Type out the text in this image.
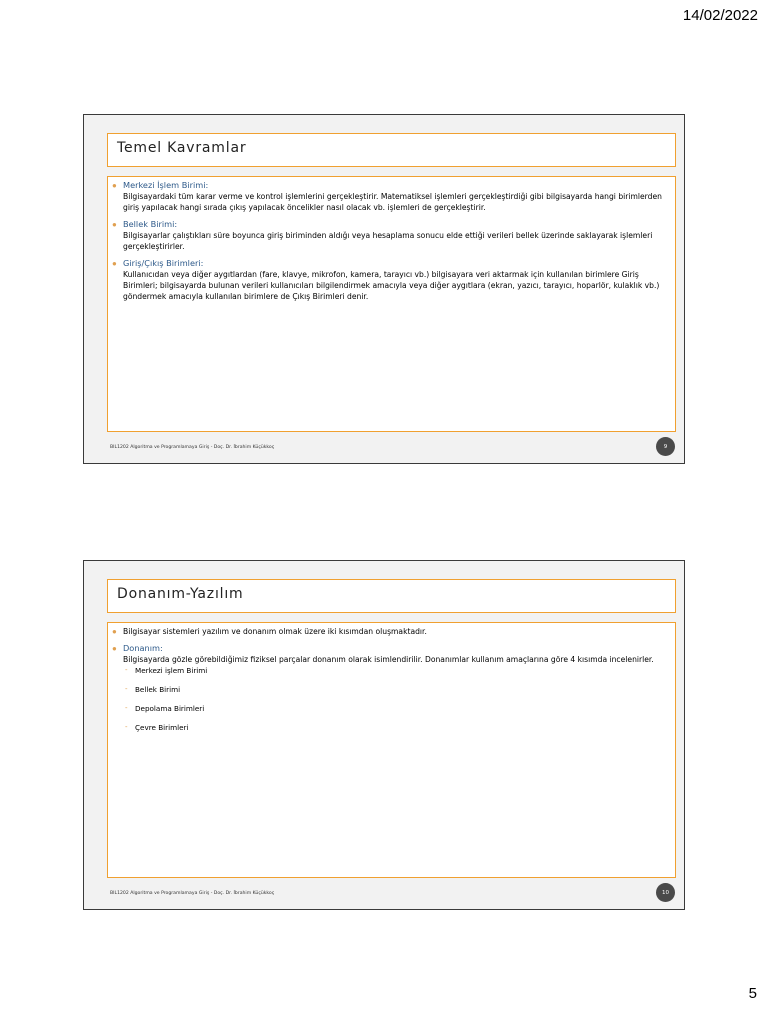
14/02/2022
Temel Kavramlar
● Merkezi İşlem Birimi:
Bilgisayardaki tüm karar verme ve kontrol işlemlerini gerçekleştirir. Matematiksel işlemleri gerçekleştirdiği gibi bilgisayarda hangi birimlerden giriş yapılacak hangi sırada çıkış yapılacak öncelikler nasıl olacak vb. işlemleri de gerçekleştirir.
● Bellek Birimi:
Bilgisayarlar çalıştıkları süre boyunca giriş biriminden aldığı veya hesaplama sonucu elde ettiği verileri bellek üzerinde saklayarak işlemleri gerçekleştirirler.
● Giriş/Çıkış Birimleri:
Kullanıcıdan veya diğer aygıtlardan (fare, klavye, mikrofon, kamera, tarayıcı vb.) bilgisayara veri aktarmak için kullanılan birimlere Giriş Birimleri; bilgisayarda bulunan verileri kullanıcıları bilgilendirmek amacıyla veya diğer aygıtlara (ekran, yazıcı, tarayıcı, hoparlör, kulaklık vb.) göndermek amacıyla kullanılan birimlere de Çıkış Birimleri denir.
BIL1202 Algoritma ve Programlamaya Giriş - Doç. Dr. İbrahim Küçükkoç	9
Donanım-Yazılım
● Bilgisayar sistemleri yazılım ve donanım olmak üzere iki kısımdan oluşmaktadır.
● Donanım:
Bilgisayarda gözle görebildiğimiz fiziksel parçalar donanım olarak isimlendirilir. Donanımlar kullanım amaçlarına göre 4 kısımda incelenirler.
- Merkezi işlem Birimi
- Bellek Birimi
- Depolama Birimleri
- Çevre Birimleri
BIL1202 Algoritma ve Programlamaya Giriş - Doç. Dr. İbrahim Küçükkoç	10
5
